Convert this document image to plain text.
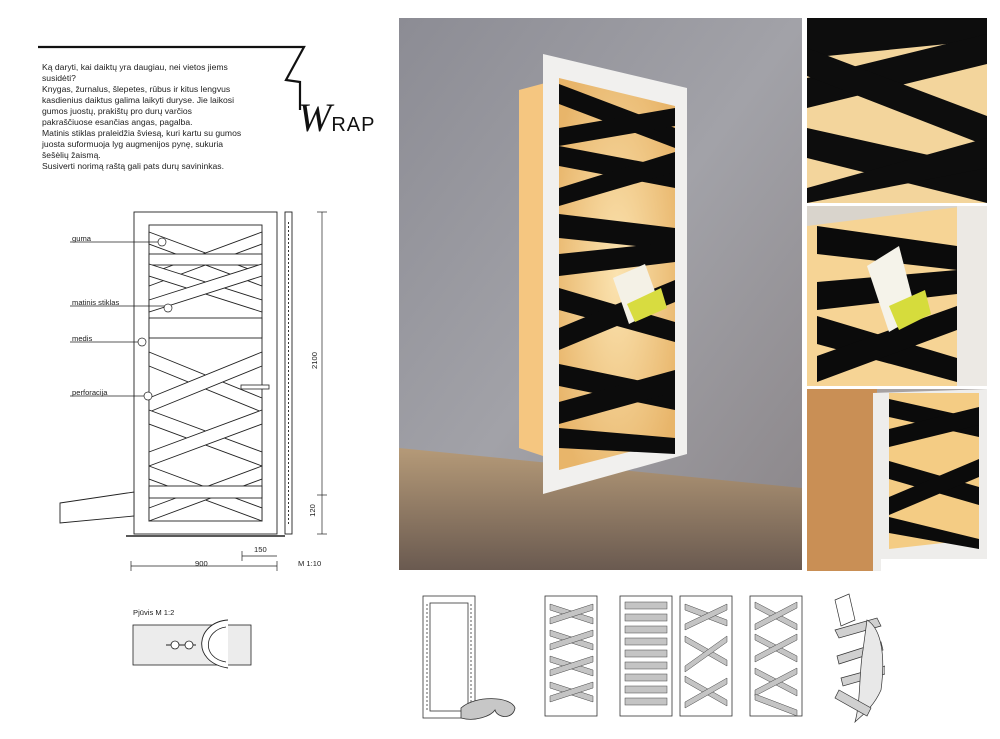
WRAP

Ką daryti, kai daiktų yra daugiau, nei vietos jiems

susidėti?

Knygas, žurnalus, šlepetes, rūbus ir kitus lengvus

kasdienius daiktus galima laikyti duryse. Jie laikosi

gumos juostų, prakištų pro durų varčios

pakraščiuose esančias angas, pagalba.

Matinis stiklas praleidžia šviesą, kuri kartu su gumos

juosta suformuoja lyg augmenijos pynę, sukuria

šešėlių žaismą.

Susiverti norimą raštą gali pats durų savininkas.

guma
matinis stiklas
medis
perforacija
2100
120
900
150
M 1:10
Pjūvis M 1:2
